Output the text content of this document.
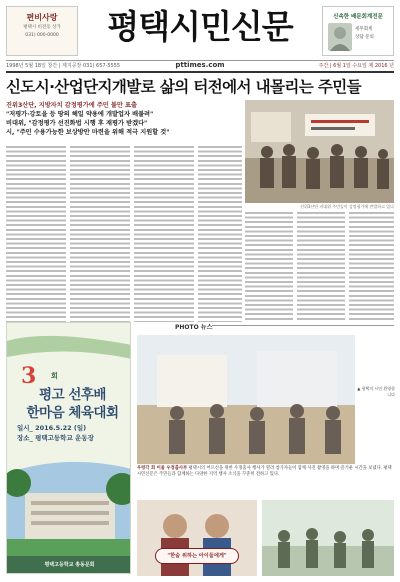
편비사랑
평택시 비전동 상가
031) 000-0000	평택시민신문	신속한 배문회계전문
세무회계
상담 문의
1998년 5월 18일 창간 | 제지공장 031) 657-5555	pttimes.com	주간 | 6월 1일 수요일 제 2016 년
신도시·산업단지개발로 삶의 터전에서 내몰리는 주민들
진위3산단, 지방자치 감정평가에 주민 불만 표출
"저평가·강토을 등 땅의 헤일 약용에 개발업자 배불려"
비대위, "감정평가 선진화법 시행 후 재평가 받겠다"
시, "주민 수용가능한 보상방안 마련을 위해 적극 지원할 것"
진위3산단 비대위 주민들이 감정평가에 반발하고 있다
3 회
평고 선후배
한마음 체육대회
일시_ 2016.5.22 (일)
장소_ 평택고등학교 운동장
평택고등학교 총동문회
PHOTO 뉴스
▲ 평택의 시민 환영합니다
우렁각 회 어울 우정출사부 평택시의 어르신을 위한 우정출사 행사가 열려 참가자들이 함께 사진 촬영을 하며 즐거운 시간을 보냈다. 평택시민신문은 주민들과 함께하는 다양한 지역 행사 소식을 꾸준히 전하고 있다.
"한숨 위하는 아이들에게"
